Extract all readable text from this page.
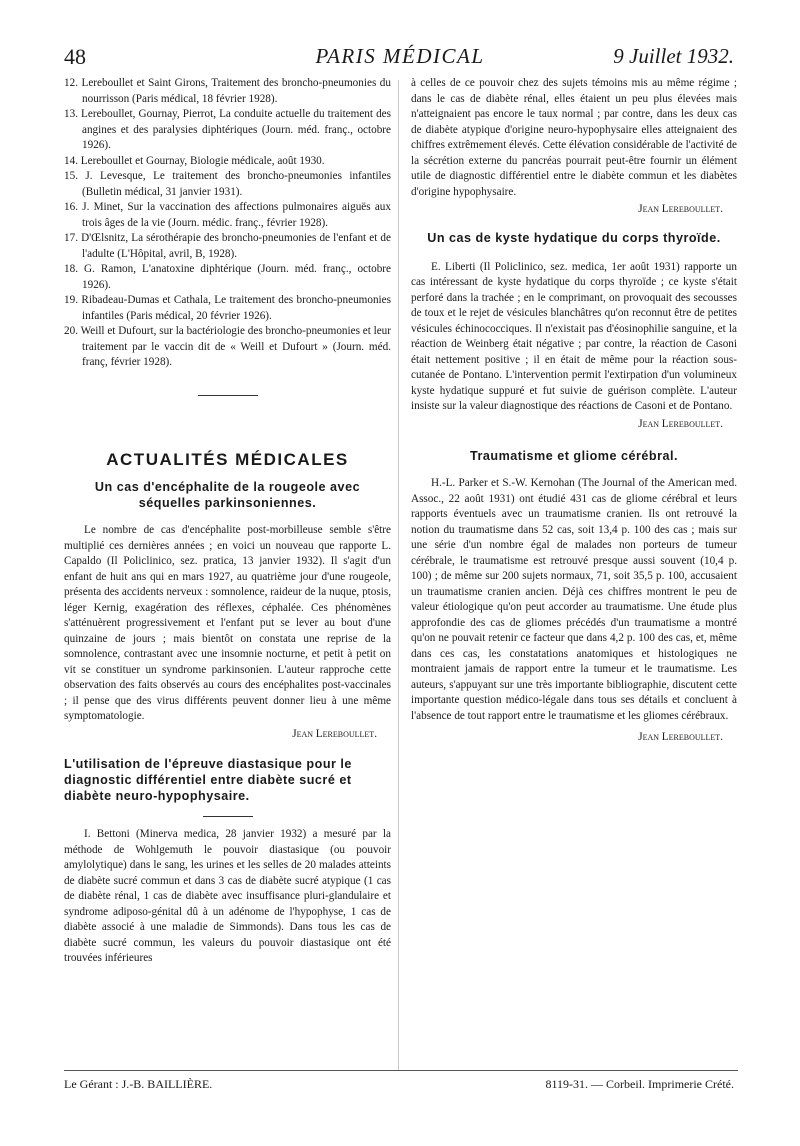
48	PARIS MÉDICAL	9 Juillet 1932.

12. Lereboullet et Saint Girons, Traitement des broncho-pneumonies du nourrisson (Paris médical, 18 février 1928).

13. Lereboullet, Gournay, Pierrot, La conduite actuelle du traitement des angines et des paralysies diphtériques (Journ. méd. franç., octobre 1926).

14. Lereboullet et Gournay, Biologie médicale, août 1930.

15. J. Levesque, Le traitement des broncho-pneumonies infantiles (Bulletin médical, 31 janvier 1931).

16. J. Minet, Sur la vaccination des affections pulmonaires aiguës aux trois âges de la vie (Journ. médic. franç., février 1928).

17. D'Œlsnitz, La sérothérapie des broncho-pneumonies de l'enfant et de l'adulte (L'Hôpital, avril, B, 1928).

18. G. Ramon, L'anatoxine diphtérique (Journ. méd. franç., octobre 1926).

19. Ribadeau-Dumas et Cathala, Le traitement des broncho-pneumonies infantiles (Paris médical, 20 février 1926).

20. Weill et Dufourt, sur la bactériologie des broncho-pneumonies et leur traitement par le vaccin dit de « Weill et Dufourt » (Journ. méd. franç, février 1928).

ACTUALITÉS MÉDICALES
Un cas d'encéphalite de la rougeole avec séquelles parkinsoniennes.

Le nombre de cas d'encéphalite post-morbilleuse semble s'être multiplié ces dernières années ; en voici un nouveau que rapporte L. Capaldo (Il Policlinico, sez. pratica, 13 janvier 1932). Il s'agit d'un enfant de huit ans qui en mars 1927, au quatrième jour d'une rougeole, présenta des accidents nerveux : somnolence, raideur de la nuque, ptosis, léger Kernig, exagération des réflexes, céphalée. Ces phénomènes s'atténuèrent progressivement et l'enfant put se lever au bout d'une quinzaine de jours ; mais bientôt on constata une reprise de la somnolence, contrastant avec une insomnie nocturne, et petit à petit on vit se constituer un syndrome parkinsonien. L'auteur rapproche cette observation des faits observés au cours des encéphalites post-vaccinales ; il pense que des virus différents peuvent donner lieu à une même symptomatologie.

Jean Lereboullet.
L'utilisation de l'épreuve diastasique pour le diagnostic différentiel entre diabète sucré et diabète neuro-hypophysaire.

I. Bettoni (Minerva medica, 28 janvier 1932) a mesuré par la méthode de Wohlgemuth le pouvoir diastasique (ou pouvoir amylolytique) dans le sang, les urines et les selles de 20 malades atteints de diabète sucré commun et dans 3 cas de diabète sucré atypique (1 cas de diabète rénal, 1 cas de diabète avec insuffisance pluri-glandulaire et syndrome adiposo-génital dû à un adénome de l'hypophyse, 1 cas de diabète associé à une maladie de Simmonds). Dans tous les cas de diabète sucré commun, les valeurs du pouvoir diastasique ont été trouvées inférieures

à celles de ce pouvoir chez des sujets témoins mis au même régime ; dans le cas de diabète rénal, elles étaient un peu plus élevées mais n'atteignaient pas encore le taux normal ; par contre, dans les deux cas de diabète atypique d'origine neuro-hypophysaire elles atteignaient des chiffres extrêmement élevés. Cette élévation considérable de l'activité de la sécrétion externe du pancréas pourrait peut-être fournir un élément utile de diagnostic différentiel entre le diabète commun et les diabètes d'origine hypophysaire.

Jean Lereboullet.
Un cas de kyste hydatique du corps thyroïde.

E. Liberti (Il Policlinico, sez. medica, 1er août 1931) rapporte un cas intéressant de kyste hydatique du corps thyroïde ; ce kyste s'était perforé dans la trachée ; en le comprimant, on provoquait des secousses de toux et le rejet de vésicules blanchâtres qu'on reconnut être de petites vésicules échinococciques. Il n'existait pas d'éosinophilie sanguine, et la réaction de Weinberg était négative ; par contre, la réaction de Casoni était nettement positive ; il en était de même pour la réaction sous-cutanée de Pontano. L'intervention permit l'extirpation d'un volumineux kyste hydatique suppuré et fut suivie de guérison complète. L'auteur insiste sur la valeur diagnostique des réactions de Casoni et de Pontano.

Jean Lereboullet.
Traumatisme et gliome cérébral.

H.-L. Parker et S.-W. Kernohan (The Journal of the American med. Assoc., 22 août 1931) ont étudié 431 cas de gliome cérébral et leurs rapports éventuels avec un traumatisme cranien. Ils ont retrouvé la notion du traumatisme dans 52 cas, soit 13,4 p. 100 des cas ; mais sur une série d'un nombre égal de malades non porteurs de tumeur cérébrale, le traumatisme est retrouvé presque aussi souvent (10,4 p. 100) ; de même sur 200 sujets normaux, 71, soit 35,5 p. 100, accusaient un traumatisme cranien ancien. Déjà ces chiffres montrent le peu de valeur étiologique qu'on peut accorder au traumatisme. Une étude plus approfondie des cas de gliomes précédés d'un traumatisme a montré qu'on ne pouvait retenir ce facteur que dans 4,2 p. 100 des cas, et, même dans ces cas, les constatations anatomiques et histologiques ne montraient jamais de rapport entre la tumeur et le traumatisme. Les auteurs, s'appuyant sur une très importante bibliographie, discutent cette importante question médico-légale dans tous ses détails et concluent à l'absence de tout rapport entre le traumatisme et les gliomes cérébraux.

Jean Lereboullet.
Le Gérant : J.-B. BAILLIÈRE.	8119-31. — Corbeil. Imprimerie Crété.
